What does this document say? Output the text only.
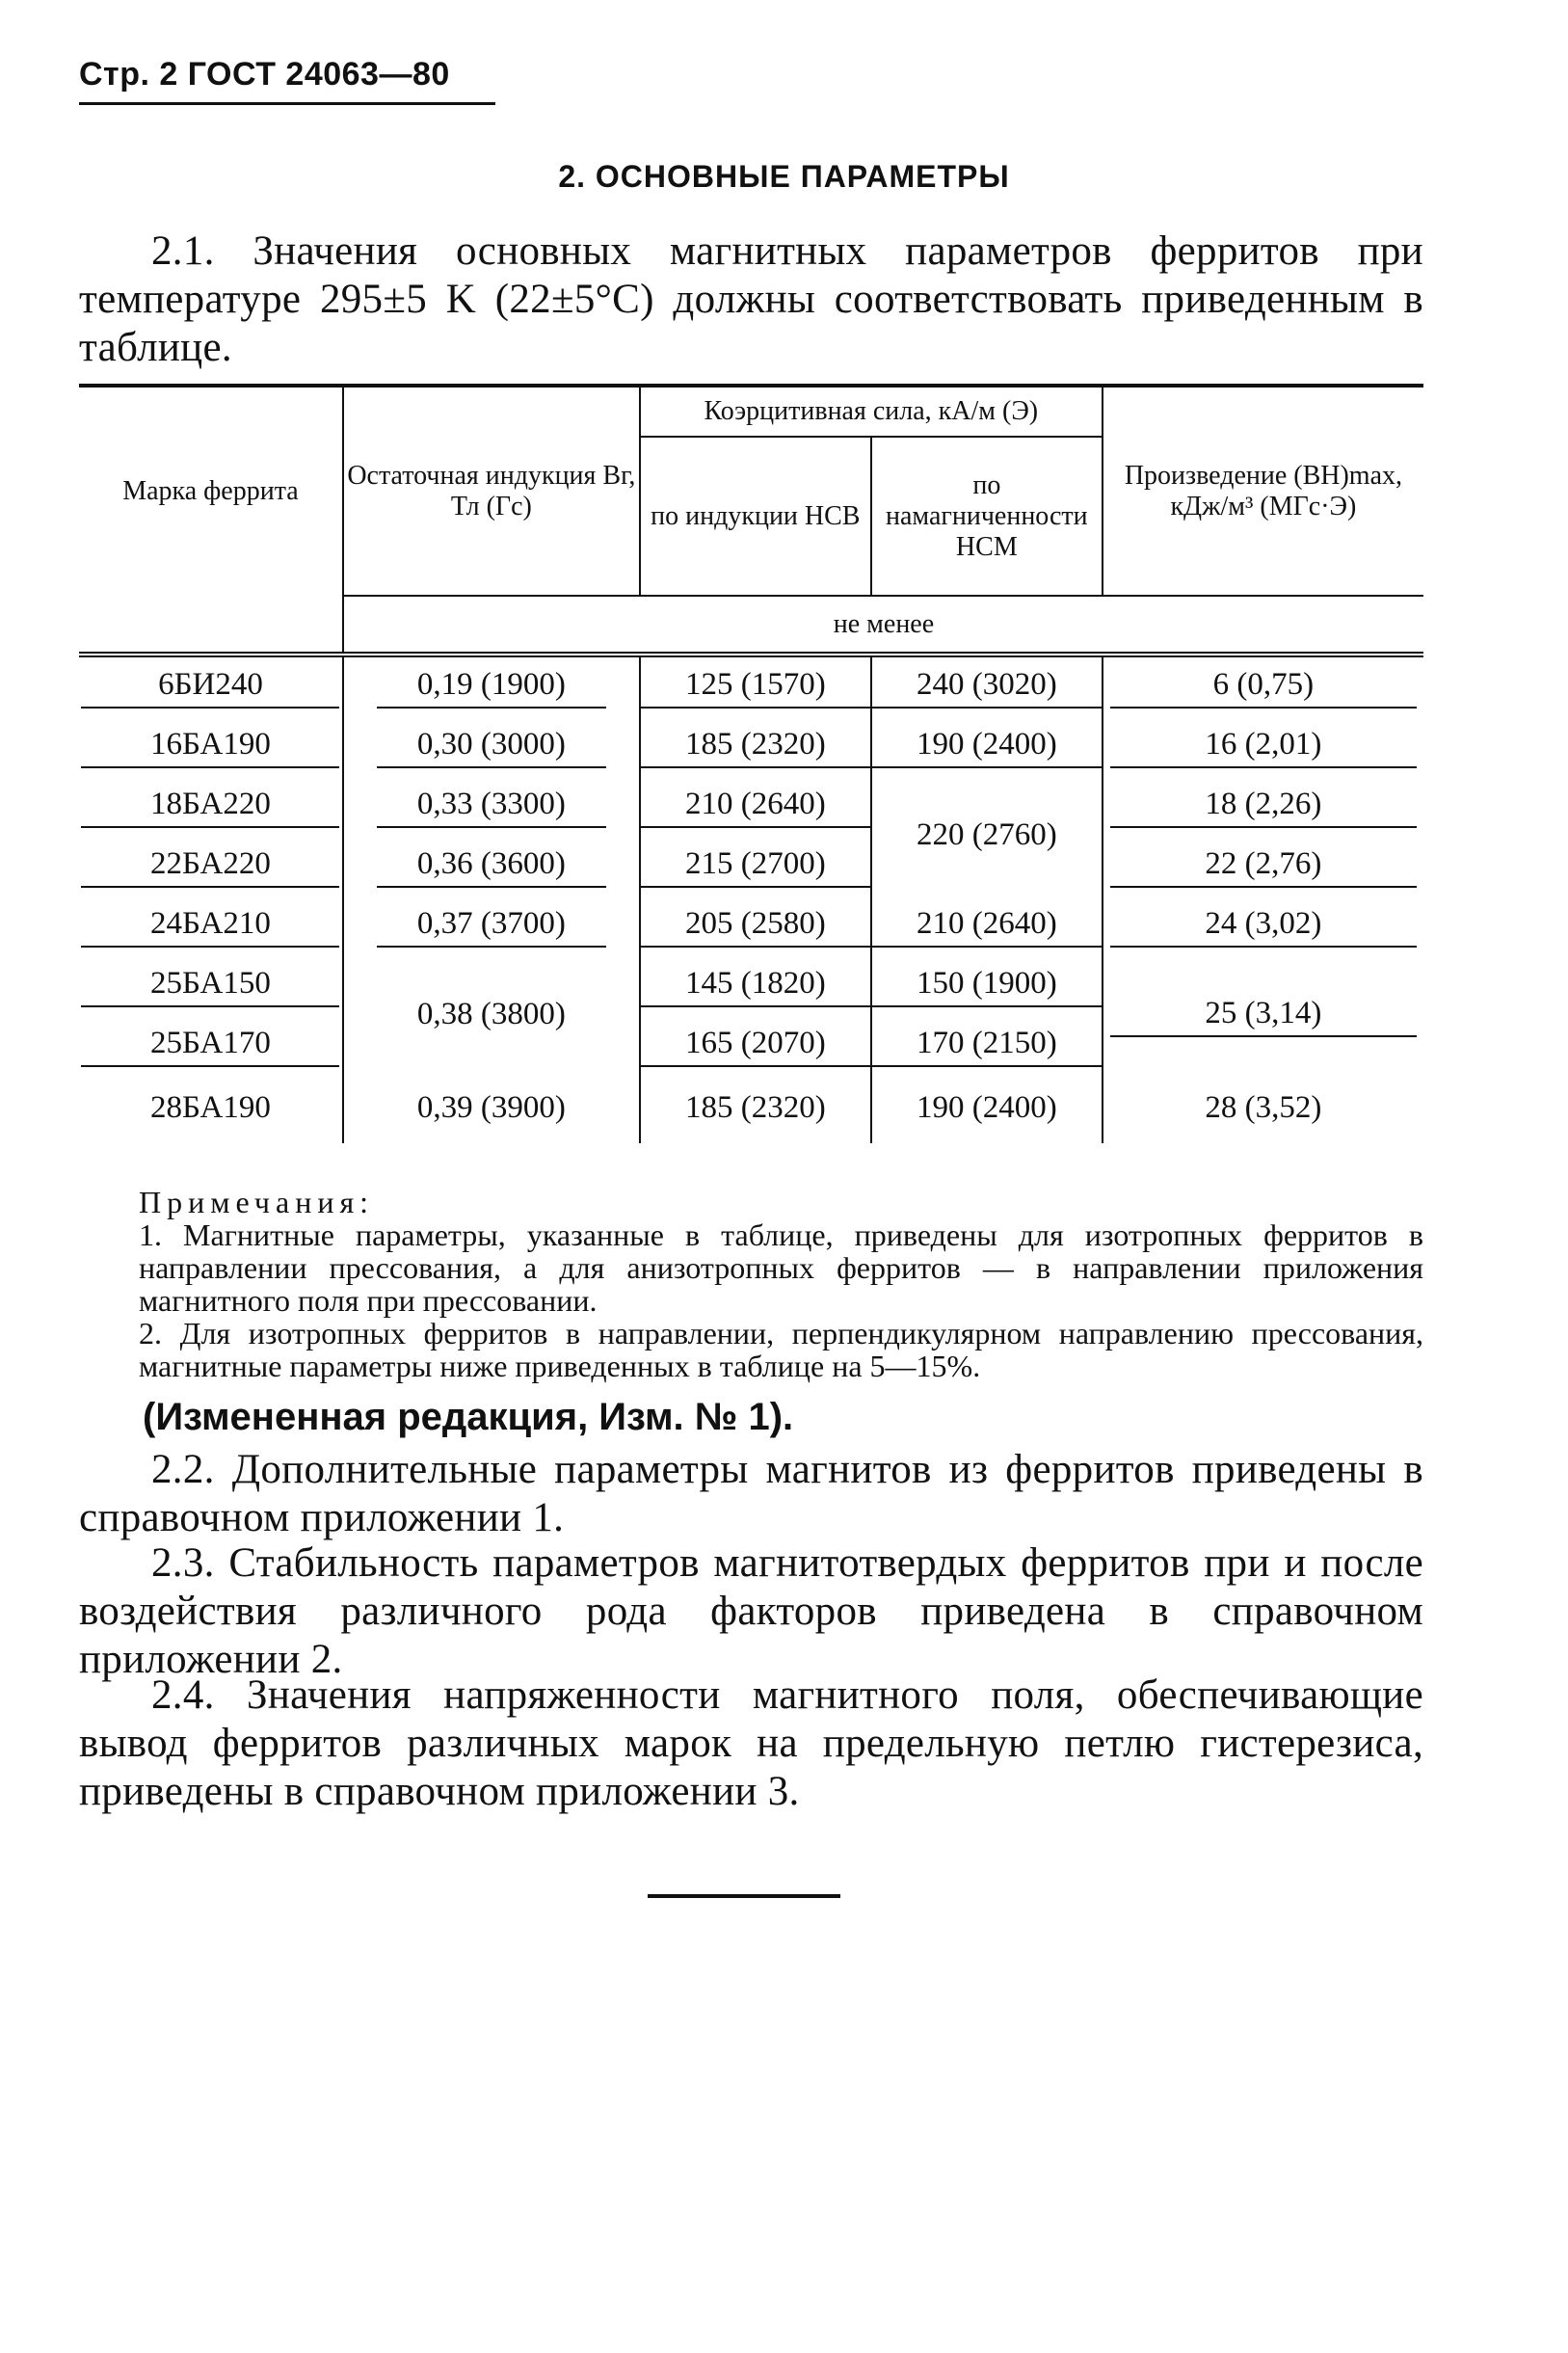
Стр. 2 ГОСТ 24063—80
2. ОСНОВНЫЕ ПАРАМЕТРЫ
2.1. Значения основных магнитных параметров ферритов при температуре 295±5 K (22±5°C) должны соответствовать приведенным в таблице.
Марка феррита	Остаточная индукция Bг, Тл (Гс)	Коэрцитивная сила, кА/м (Э)		Произведение (BH)max, кДж/м³ (МГс·Э)
		по индукции HСВ	по намагниченности HСМ	
	не менее			
6БИ240	0,19 (1900)	125 (1570)	240 (3020)	6 (0,75)
16БА190	0,30 (3000)	185 (2320)	190 (2400)	16 (2,01)
18БА220	0,33 (3300)	210 (2640)	220 (2760)	18 (2,26)
22БА220	0,36 (3600)	215 (2700)		22 (2,76)
24БА210	0,37 (3700)	205 (2580)	210 (2640)	24 (3,02)
25БА150	0,38 (3800)	145 (1820)	150 (1900)	25 (3,14)
25БА170		165 (2070)	170 (2150)	
28БА190	0,39 (3900)	185 (2320)	190 (2400)	28 (3,52)
Примечания:
1. Магнитные параметры, указанные в таблице, приведены для изотропных ферритов в направлении прессования, а для анизотропных ферритов — в направлении приложения магнитного поля при прессовании.
2. Для изотропных ферритов в направлении, перпендикулярном направлению прессования, магнитные параметры ниже приведенных в таблице на 5—15%.
(Измененная редакция, Изм. № 1).
2.2. Дополнительные параметры магнитов из ферритов приведены в справочном приложении 1.
2.3. Стабильность параметров магнитотвердых ферритов при и после воздействия различного рода факторов приведена в справочном приложении 2.
2.4. Значения напряженности магнитного поля, обеспечивающие вывод ферритов различных марок на предельную петлю гистерезиса, приведены в справочном приложении 3.
